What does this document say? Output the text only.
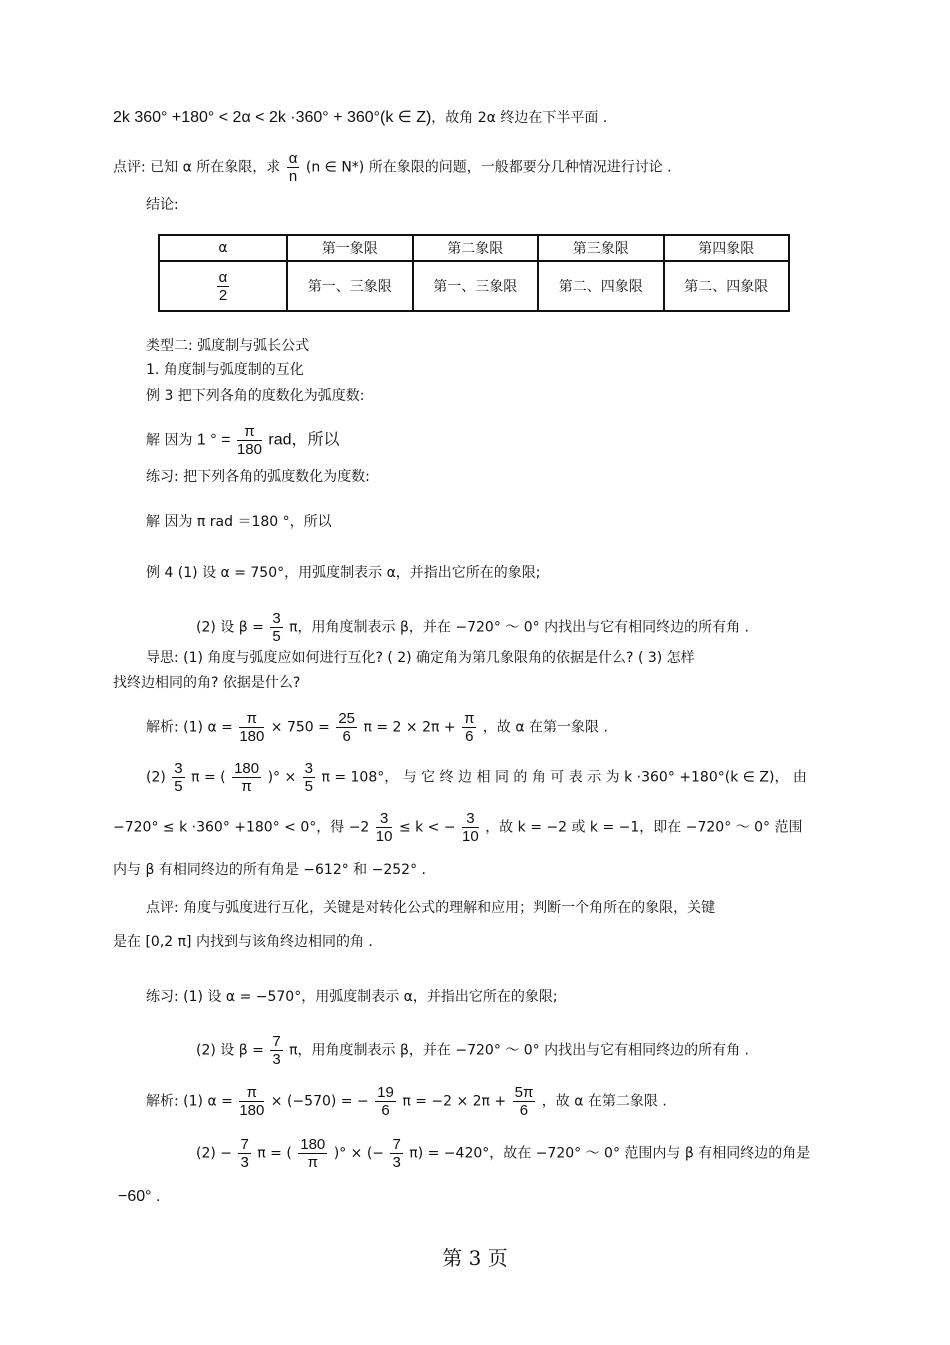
2k 360° +180° < 2α < 2k ·360° + 360°(k ∈ Z)，故角 2α 终边在下半平面 .
点评: 已知 α 所在象限，求 $\frac{\alpha}{n} (n$ ∈ N*) 所在象限的问题，一般都要分几种情况进行讨论 .
结论:
α	第一象限	第二象限	第三象限	第四象限

$\frac{\alpha}{2}$	第一、三象限	第一、三象限	第二、四象限	第二、四象限
类型二: 弧度制与弧长公式
1. 角度制与弧度制的互化
例 3 把下列各角的度数化为弧度数:
解 因为 1 ° = $\frac{\pi}{180}$ rad，所以
练习: 把下列各角的弧度数化为度数:
解 因为 π rad ＝180 °，所以
例 4 (1) 设 α = 750°，用弧度制表示 α，并指出它所在的象限;
(2) 设 $\beta = \frac{3}{5}$ π，用角度制表示 β，并在 −720° ～ 0° 内找出与它有相同终边的所有角 .
导思: (1) 角度与弧度应如何进行互化? ( 2) 确定角为第几象限角的依据是什么? ( 3) 怎样
找终边相同的角? 依据是什么?
解析: (1) $\alpha = \frac{\pi}{180} \times 750 = \frac{25}{6}$ $\pi = 2 \times 2\pi + \frac{\pi}{6}$ ，故 α 在第一象限 .
$(2) \frac{3}{5}$ π = ( $\frac{180}{\pi}$ )° × $\frac{3}{5}$ π = 108°， 与 它 终 边 相 同 的 角 可 表 示 为 k ·360° +180°(k ∈ Z)， 由
−720° ≤ k ·360° +180° < 0°，得 $-2 \frac{3}{10} \le k$ < − $\frac{3}{10}$ ，故 k = −2 或 k = −1，即在 −720° ～ 0° 范围
内与 β 有相同终边的所有角是 −612° 和 −252° .
点评: 角度与弧度进行互化，关键是对转化公式的理解和应用；判断一个角所在的象限，关键
是在 [0,2 π] 内找到与该角终边相同的角 .
练习: (1) 设 α = −570°，用弧度制表示 α，并指出它所在的象限;
(2) 设 $\beta = \frac{7}{3}$ π，用角度制表示 β，并在 −720° ～ 0° 内找出与它有相同终边的所有角 .
解析: (1) $\alpha = \frac{\pi}{180} \times (-570)$ = − $\frac{19}{6}$ $\pi = -2 \times 2\pi + \frac{5\pi}{6}$ ，故 α 在第二象限 .
$(2) - \frac{7}{3}$ π = ( $\frac{180}{\pi}$ )° × (− $\frac{7}{3} \pi) = -420^\circ$，故在 −720° ～ 0° 范围内与 β 有相同终边的角是
−60° .
第 3 页
